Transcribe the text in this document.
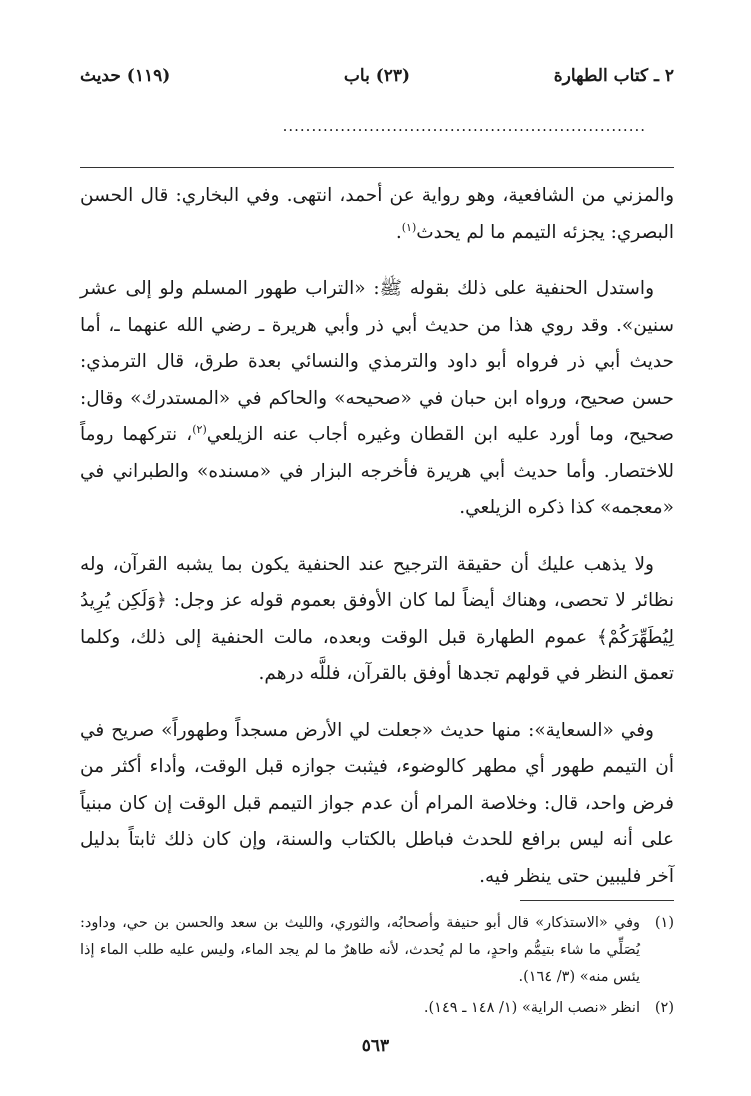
٢ ـ كتاب الطهارة
(٢٣) باب
(١١٩) حديث
...............................................................

والمزني من الشافعية، وهو رواية عن أحمد، انتهى. وفي البخاري: قال الحسن البصري: يجزئه التيمم ما لم يحدث$^{(١)}$.

واستدل الحنفية على ذلك بقوله ﷺ: «التراب طهور المسلم ولو إلى عشر سنين». وقد روي هذا من حديث أبي ذر وأبي هريرة ـ رضي الله عنهما ـ، أما حديث أبي ذر فرواه أبو داود والترمذي والنسائي بعدة طرق، قال الترمذي: حسن صحيح، ورواه ابن حبان في «صحيحه» والحاكم في «المستدرك» وقال: صحيح، وما أورد عليه ابن القطان وغيره أجاب عنه الزيلعي$^{(٢)}$، نتركهما روماً للاختصار. وأما حديث أبي هريرة فأخرجه البزار في «مسنده» والطبراني في «معجمه» كذا ذكره الزيلعي.

ولا يذهب عليك أن حقيقة الترجيح عند الحنفية يكون بما يشبه القرآن، وله نظائر لا تحصى، وهناك أيضاً لما كان الأوفق بعموم قوله عز وجل: ﴿وَلَكِن يُرِيدُ لِيُطَهِّرَكُمْ﴾ عموم الطهارة قبل الوقت وبعده، مالت الحنفية إلى ذلك، وكلما تعمق النظر في قولهم تجدها أوفق بالقرآن، فللَّه درهم.

وفي «السعاية»: منها حديث «جعلت لي الأرض مسجداً وطهوراً» صريح في أن التيمم طهور أي مطهر كالوضوء، فيثبت جوازه قبل الوقت، وأداء أكثر من فرض واحد، قال: وخلاصة المرام أن عدم جواز التيمم قبل الوقت إن كان مبنياً على أنه ليس برافع للحدث فباطل بالكتاب والسنة، وإن كان ذلك ثابتاً بدليل آخر فليبين حتى ينظر فيه.

(١)
وفي «الاستذكار» قال أبو حنيفة وأصحابُه، والثوري، والليث بن سعد والحسن بن حي، وداود: يُصَلِّي ما شاء بتيمُّم واحدٍ، ما لم يُحدث، لأنه طاهرٌ ما لم يجد الماء، وليس عليه طلب الماء إذا يئس منه» (٣/ ١٦٤).
(٢)
انظر «نصب الراية» (١/ ١٤٨ ـ ١٤٩).
٥٦٣
